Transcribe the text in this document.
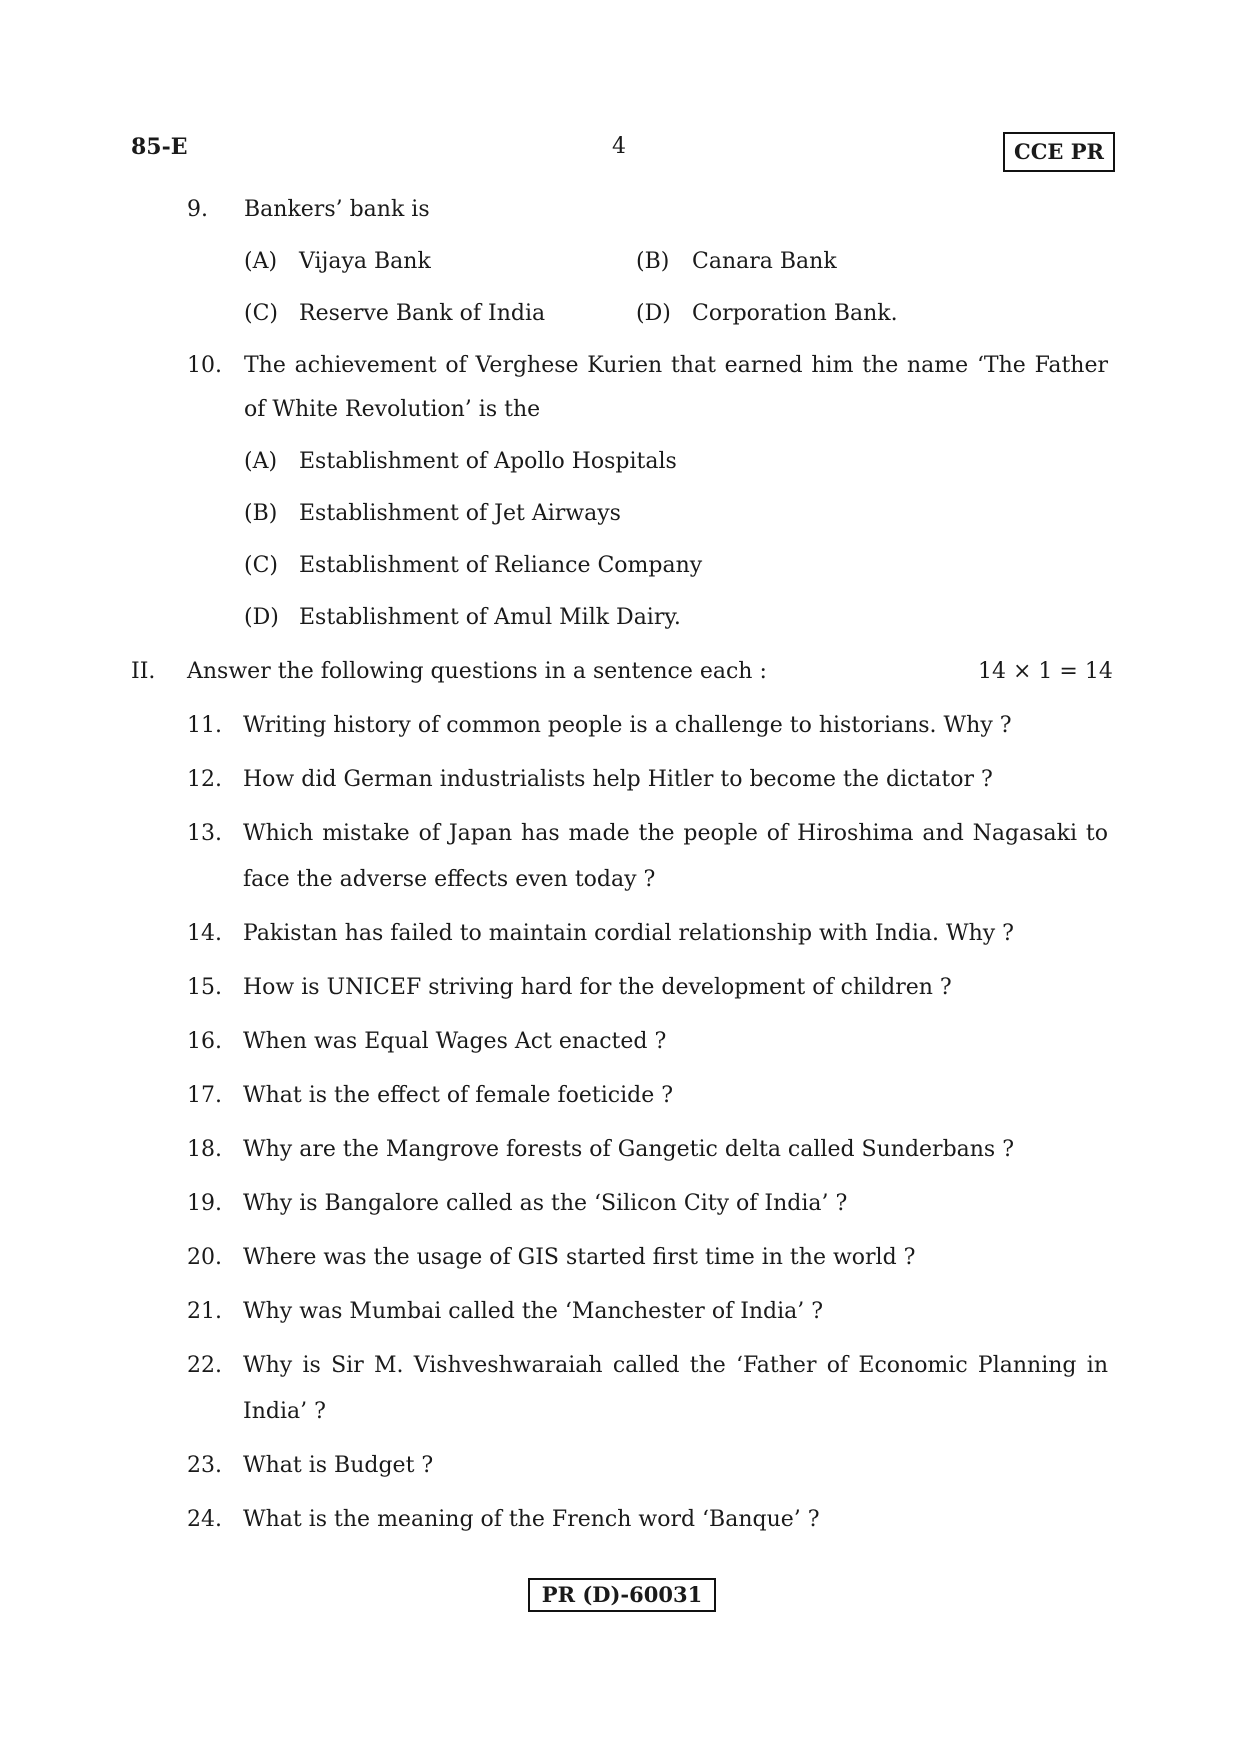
85-E	4	CCE PR
9. Bankers’ bank is
(A) Vijaya Bank	(B) Canara Bank
(C) Reserve Bank of India	(D) Corporation Bank.
10. The achievement of Verghese Kurien that earned him the name ‘The Father
of White Revolution’ is the
(A) Establishment of Apollo Hospitals
(B) Establishment of Jet Airways
(C) Establishment of Reliance Company
(D) Establishment of Amul Milk Dairy.
II. Answer the following questions in a sentence each :	14 × 1 = 14
11. Writing history of common people is a challenge to historians. Why ?
12. How did German industrialists help Hitler to become the dictator ?
13. Which mistake of Japan has made the people of Hiroshima and Nagasaki to
face the adverse effects even today ?
14. Pakistan has failed to maintain cordial relationship with India. Why ?
15. How is UNICEF striving hard for the development of children ?
16. When was Equal Wages Act enacted ?
17. What is the effect of female foeticide ?
18. Why are the Mangrove forests of Gangetic delta called Sunderbans ?
19. Why is Bangalore called as the ‘Silicon City of India’ ?
20. Where was the usage of GIS started first time in the world ?
21. Why was Mumbai called the ‘Manchester of India’ ?
22. Why is Sir M. Vishveshwaraiah called the ‘Father of Economic Planning in
India’ ?
23. What is Budget ?
24. What is the meaning of the French word ‘Banque’ ?
PR (D)-60031
